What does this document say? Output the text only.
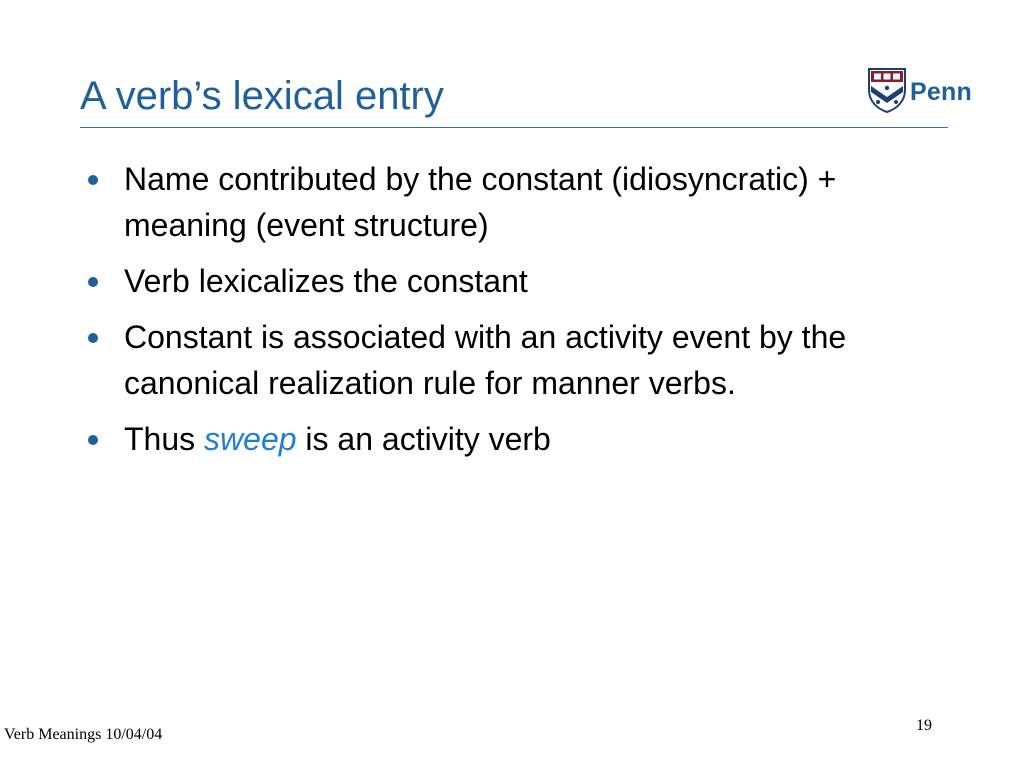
A verb’s lexical entry	Penn
Name contributed by the constant (idiosyncratic) + meaning (event structure)
Verb lexicalizes the constant
Constant is associated with an activity event by the canonical realization rule for manner verbs.
Thus sweep is an activity verb
Verb Meanings 10/04/04
19
